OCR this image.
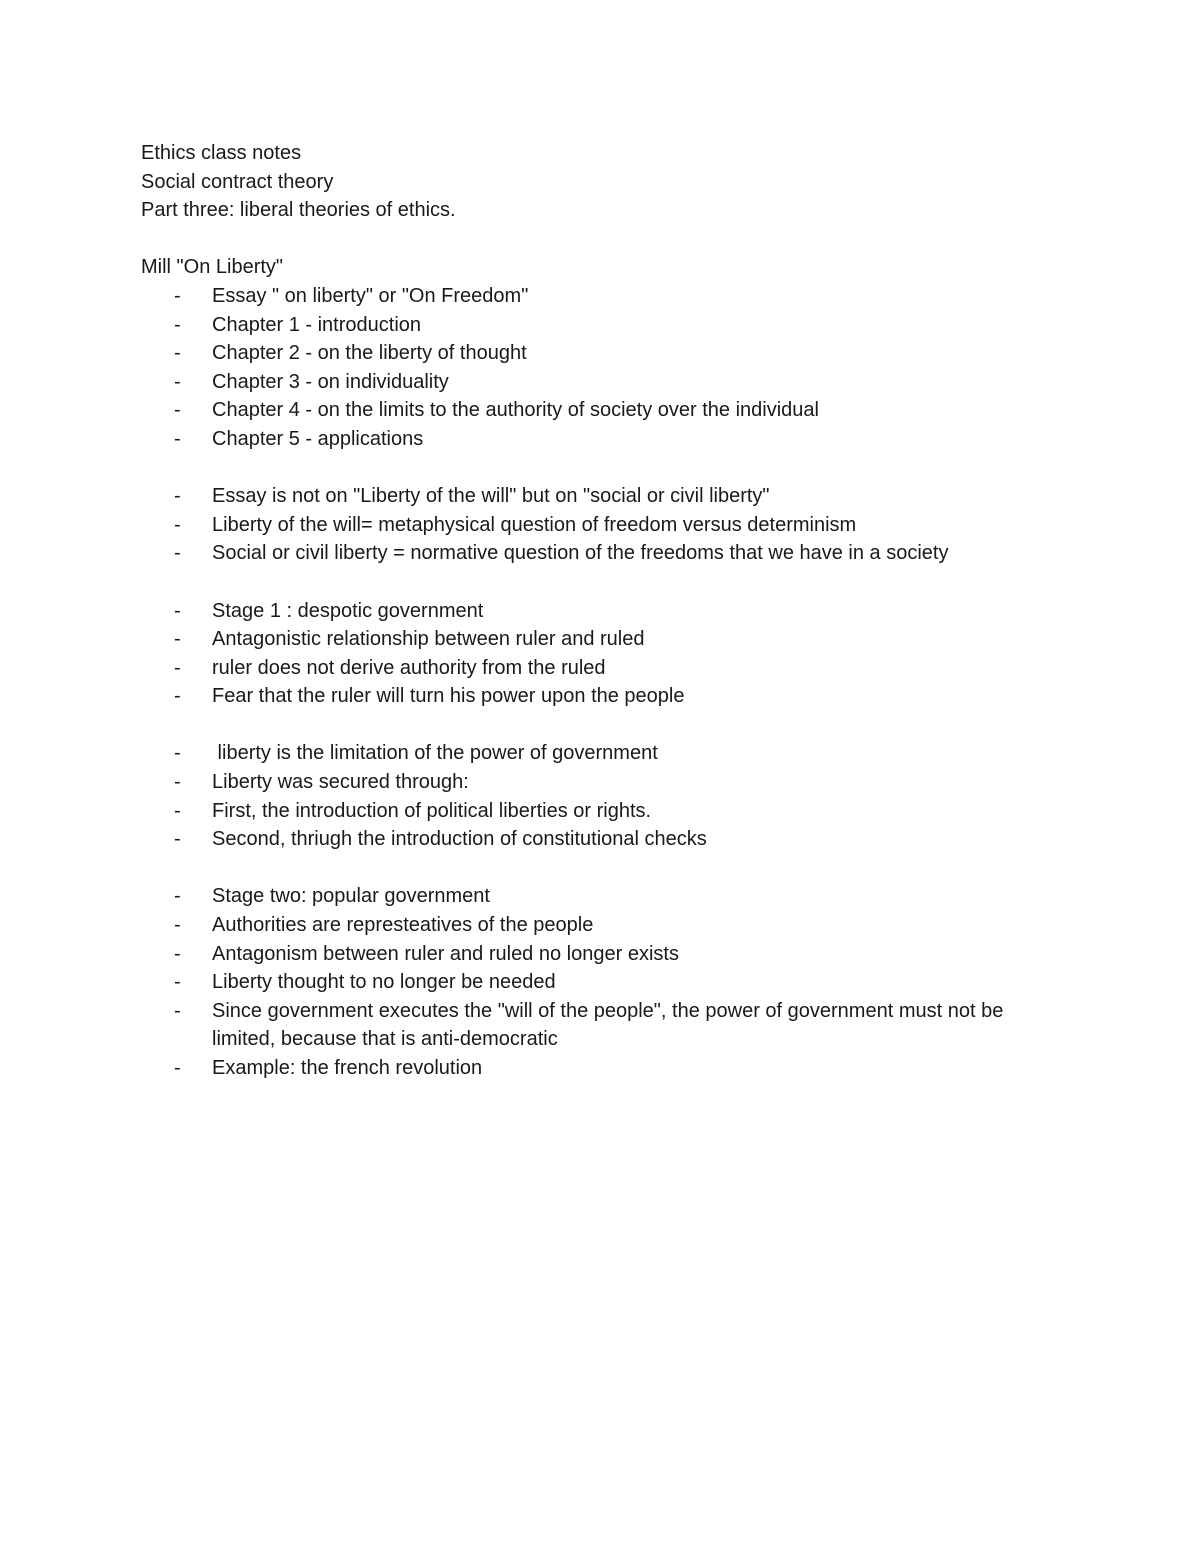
Ethics class notes

Social contract theory

Part three: liberal theories of ethics.

Mill "On Liberty"

- Essay " on liberty" or "On Freedom"
- Chapter 1 - introduction
- Chapter 2 - on the liberty of thought
- Chapter 3 - on individuality
- Chapter 4 - on the limits to the authority of society over the individual
- Chapter 5 - applications
- Essay is not on "Liberty of the will" but on "social or civil liberty"
- Liberty of the will= metaphysical question of freedom versus determinism
- Social or civil liberty = normative question of the freedoms that we have in a society
- Stage 1 : despotic government
- Antagonistic relationship between ruler and ruled
- ruler does not derive authority from the ruled
- Fear that the ruler will turn his power upon the people
- liberty is the limitation of the power of government
- Liberty was secured through:
- First, the introduction of political liberties or rights.
- Second, thriugh the introduction of constitutional checks
- Stage two: popular government
- Authorities are represteatives of the people
- Antagonism between ruler and ruled no longer exists
- Liberty thought to no longer be needed
- Since government executes the "will of the people", the power of government must not be limited, because that is anti-democratic
- Example: the french revolution
